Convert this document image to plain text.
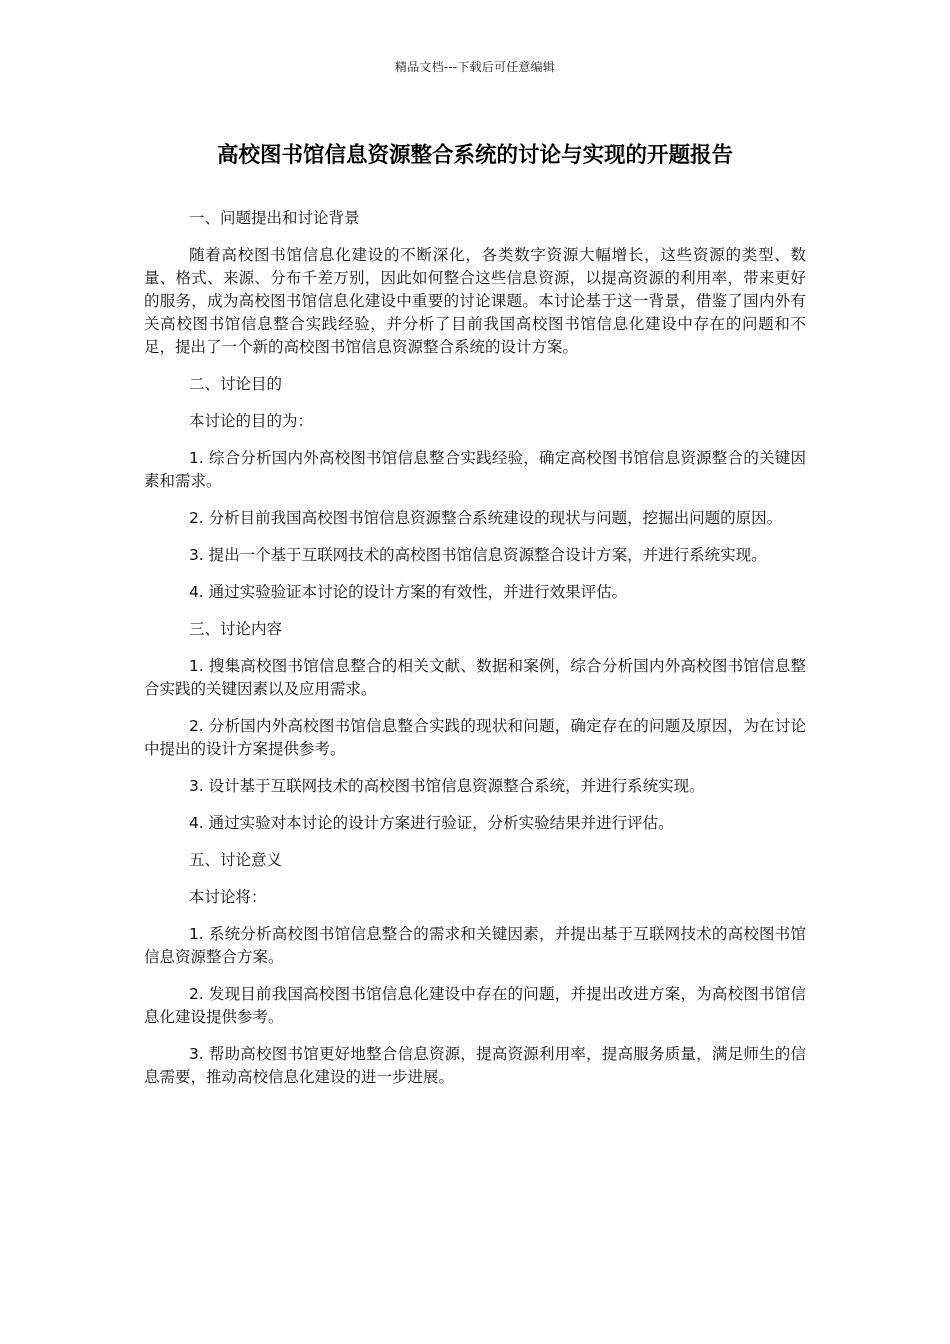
精品文档---下载后可任意编辑
高校图书馆信息资源整合系统的讨论与实现的开题报告

一、问题提出和讨论背景

随着高校图书馆信息化建设的不断深化，各类数字资源大幅增长，这些资源的类型、数量、格式、来源、分布千差万别，因此如何整合这些信息资源，以提高资源的利用率，带来更好的服务，成为高校图书馆信息化建设中重要的讨论课题。本讨论基于这一背景，借鉴了国内外有关高校图书馆信息整合实践经验，并分析了目前我国高校图书馆信息化建设中存在的问题和不足，提出了一个新的高校图书馆信息资源整合系统的设计方案。

二、讨论目的

本讨论的目的为：

1. 综合分析国内外高校图书馆信息整合实践经验，确定高校图书馆信息资源整合的关键因素和需求。

2. 分析目前我国高校图书馆信息资源整合系统建设的现状与问题，挖掘出问题的原因。

3. 提出一个基于互联网技术的高校图书馆信息资源整合设计方案，并进行系统实现。

4. 通过实验验证本讨论的设计方案的有效性，并进行效果评估。

三、讨论内容

1. 搜集高校图书馆信息整合的相关文献、数据和案例，综合分析国内外高校图书馆信息整合实践的关键因素以及应用需求。

2. 分析国内外高校图书馆信息整合实践的现状和问题，确定存在的问题及原因，为在讨论中提出的设计方案提供参考。

3. 设计基于互联网技术的高校图书馆信息资源整合系统，并进行系统实现。

4. 通过实验对本讨论的设计方案进行验证，分析实验结果并进行评估。

五、讨论意义

本讨论将：

1. 系统分析高校图书馆信息整合的需求和关键因素，并提出基于互联网技术的高校图书馆信息资源整合方案。

2. 发现目前我国高校图书馆信息化建设中存在的问题，并提出改进方案，为高校图书馆信息化建设提供参考。

3. 帮助高校图书馆更好地整合信息资源，提高资源利用率，提高服务质量，满足师生的信息需要，推动高校信息化建设的进一步进展。
